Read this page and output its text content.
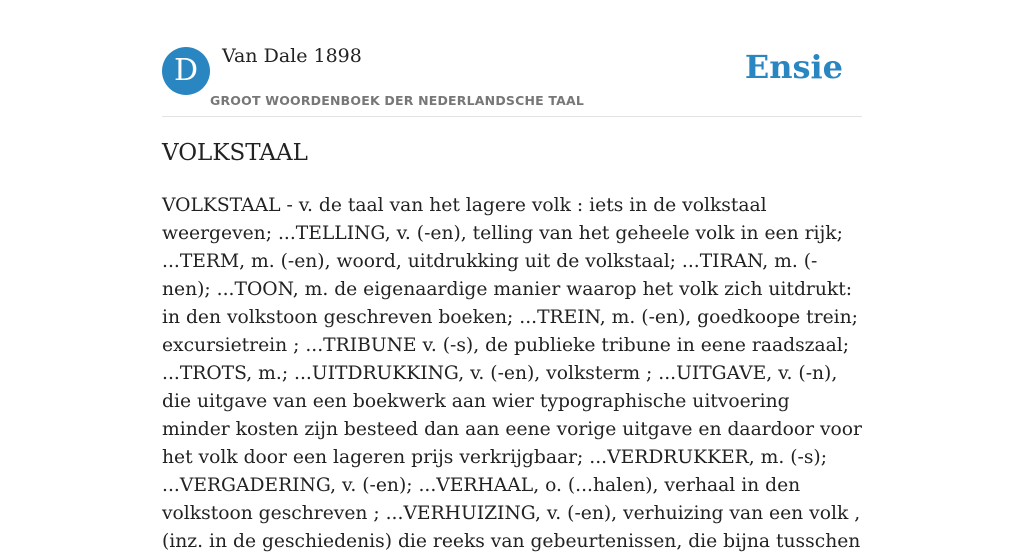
D	Van Dale 1898
GROOT WOORDENBOEK DER NEDERLANDSCHE TAAL
Ensie
VOLKSTAAL

VOLKSTAAL - v. de taal van het lagere volk : iets in de volkstaal weergeven; ...TELLING, v. (-en), telling van het geheele volk in een rijk; ...TERM, m. (-en), woord, uitdrukking uit de volkstaal; ...TIRAN, m. (-nen); ...TOON, m. de eigenaardige manier waarop het volk zich uitdrukt: in den volkstoon geschreven boeken; ...TREIN, m. (-en), goedkoope trein; excursietrein ; ...TRIBUNE v. (-s), de publieke tribune in eene raadszaal; ...TROTS, m.; ...UITDRUKKING, v. (-en), volksterm ; ...UITGAVE, v. (-n), die uitgave van een boekwerk aan wier typographische uitvoering minder kosten zijn besteed dan aan eene vorige uitgave en daardoor voor het volk door een lageren prijs verkrijgbaar; ...VERDRUKKER, m. (-s); ...VERGADERING, v. (-en); ...VERHAAL, o. (...halen), verhaal in den volkstoon geschreven ; ...VERHUIZING, v. (-en), verhuizing van een volk , (inz. in de geschiedenis) die reeks van gebeurtenissen, die bijna tusschen
